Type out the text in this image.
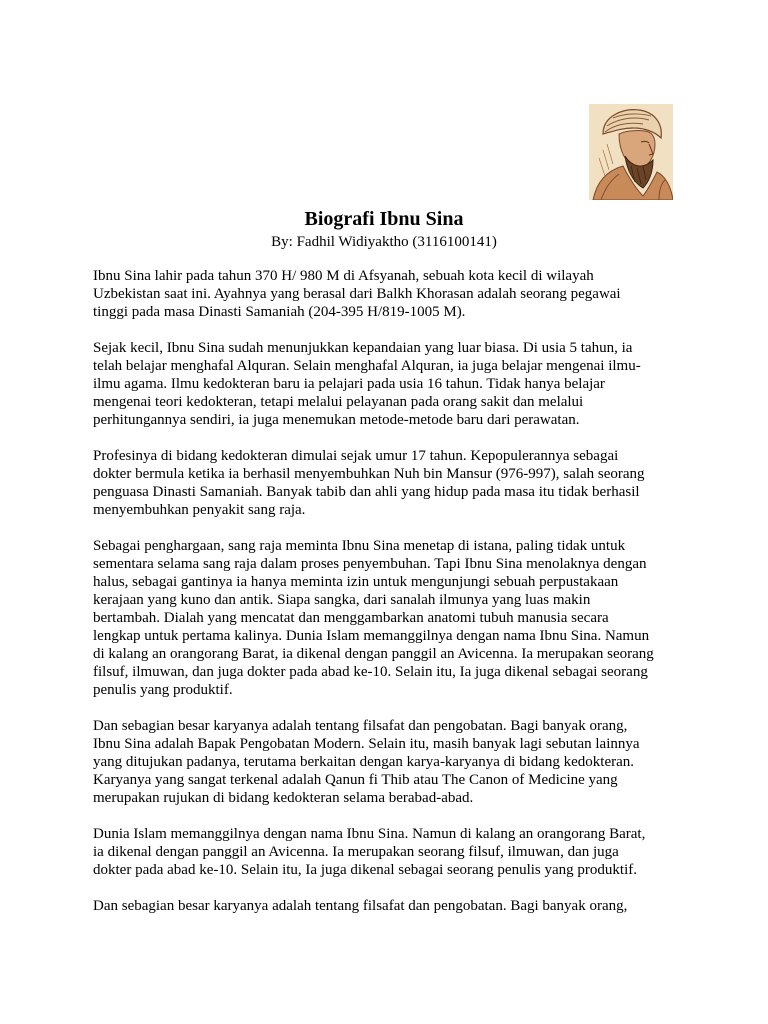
Biografi Ibnu Sina
By: Fadhil Widiyaktho (3116100141)
Ibnu Sina lahir pada tahun 370 H/ 980 M di Afsyanah, sebuah kota kecil di wilayah
Uzbekistan saat ini. Ayahnya yang berasal dari Balkh Khorasan adalah seorang pegawai
tinggi pada masa Dinasti Samaniah (204-395 H/819-1005 M).
Sejak kecil, Ibnu Sina sudah menunjukkan kepandaian yang luar biasa. Di usia 5 tahun, ia
telah belajar menghafal Alquran. Selain menghafal Alquran, ia juga belajar mengenai ilmu-
ilmu agama. Ilmu kedokteran baru ia pelajari pada usia 16 tahun. Tidak hanya belajar
mengenai teori kedokteran, tetapi melalui pelayanan pada orang sakit dan melalui
perhitungannya sendiri, ia juga menemukan metode-metode baru dari perawatan.
Profesinya di bidang kedokteran dimulai sejak umur 17 tahun. Kepopulerannya sebagai
dokter bermula ketika ia berhasil menyembuhkan Nuh bin Mansur (976-997), salah seorang
penguasa Dinasti Samaniah. Banyak tabib dan ahli yang hidup pada masa itu tidak berhasil
menyembuhkan penyakit sang raja.
Sebagai penghargaan, sang raja meminta Ibnu Sina menetap di istana, paling tidak untuk
sementara selama sang raja dalam proses penyembuhan. Tapi Ibnu Sina menolaknya dengan
halus, sebagai gantinya ia hanya meminta izin untuk mengunjungi sebuah perpustakaan
kerajaan yang kuno dan antik. Siapa sangka, dari sanalah ilmunya yang luas makin
bertambah. Dialah yang mencatat dan menggambarkan anatomi tubuh manusia secara
lengkap untuk pertama kalinya. Dunia Islam memanggilnya dengan nama Ibnu Sina. Namun
di kalang an orangorang Barat, ia dikenal dengan panggil an Avicenna. Ia merupakan seorang
filsuf, ilmuwan, dan juga dokter pada abad ke-10. Selain itu, Ia juga dikenal sebagai seorang
penulis yang produktif.
Dan sebagian besar karyanya adalah tentang filsafat dan pengobatan. Bagi banyak orang,
Ibnu Sina adalah Bapak Pengobatan Modern. Selain itu, masih banyak lagi sebutan lainnya
yang ditujukan padanya, terutama berkaitan dengan karya-karyanya di bidang kedokteran.
Karyanya yang sangat terkenal adalah Qanun fi Thib atau The Canon of Medicine yang
merupakan rujukan di bidang kedokteran selama berabad-abad.
Dunia Islam memanggilnya dengan nama Ibnu Sina. Namun di kalang an orangorang Barat,
ia dikenal dengan panggil an Avicenna. Ia merupakan seorang filsuf, ilmuwan, dan juga
dokter pada abad ke-10. Selain itu, Ia juga dikenal sebagai seorang penulis yang produktif.
Dan sebagian besar karyanya adalah tentang filsafat dan pengobatan. Bagi banyak orang,
